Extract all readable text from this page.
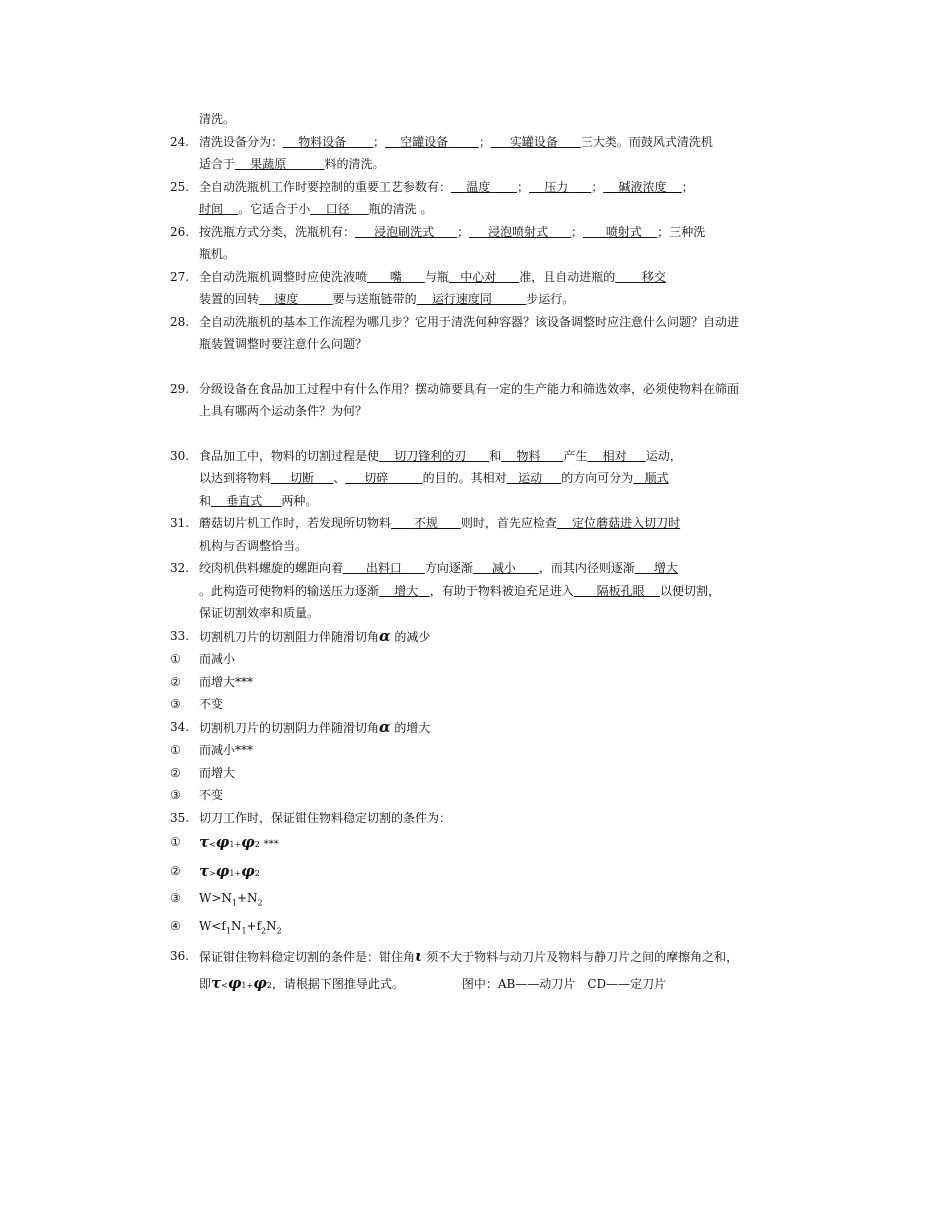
清洗。
24. 清洗设备分为： 物料设备 ； 空罐设备	； 实罐设备 三大类。而鼓风式清洗机
适合于 果蔬原	料的清洗。
25. 全自动洗瓶机工作时要控制的重要工艺参数有： 温度 ； 压力 ； 碱液浓度 ；
时间 。它适合于小 口径 瓶的清洗 。
26. 按洗瓶方式分类，洗瓶机有： 浸泡刷洗式 ； 浸泡喷射式 ； 喷射式 ；三种洗
瓶机。
27. 全自动洗瓶机调整时应使洗液喷 嘴 与瓶 中心对 准，且自动进瓶的 移交
装置的回转 速度	要与送瓶链带的 运行速度同	步运行。
28. 全自动洗瓶机的基本工作流程为哪几步？它用于清洗何种容器？该设备调整时应注意什么问题？自动进
瓶装置调整时要注意什么问题？
29. 分级设备在食品加工过程中有什么作用？摆动筛要具有一定的生产能力和筛选效率，必须使物料在筛面
上具有哪两个运动条件？为何？
30. 食品加工中，物料的切割过程是使 切刀锋利的刃 和 物料 产生 相对 运动，
以达到将物料 切断 、 切碎	的目的。其相对 运动 的方向可分为 顺式
和 垂直式 两种。
31. 蘑菇切片机工作时，若发现所切物料 不规 则时，首先应检查 定位蘑菇进入切刀时
机构与否调整恰当。
32. 绞肉机供料螺旋的螺距向着 出料口 方向逐渐 减小 ，而其内径则逐渐 增大
。此构造可使物料的输送压力逐渐 增大 ，有助于物料被迫充足进入 隔板孔眼 以便切割，
保证切割效率和质量。
33. 切割机刀片的切割阻力伴随滑切角α 的减少
① 而减小
② 而增大***
③ 不变
34. 切割机刀片的切割阴力伴随滑切角α 的增大
① 而减小***
② 而增大
③ 不变
35. 切刀工作时，保证钳住物料稳定切割的条件为：
① τ<φ1+φ2 ***
② τ>φ1+φ2
③ $W>N_1+N_2$
④ $W<f_1N_1+f_2N_2$
36. 保证钳住物料稳定切割的条件是：钳住角ι 须不大于物料与动刀片及物料与静刀片之间的摩擦角之和，
即τ<φ1+φ2，请根据下图推导此式。	图中：AB——动刀片　CD——定刀片
